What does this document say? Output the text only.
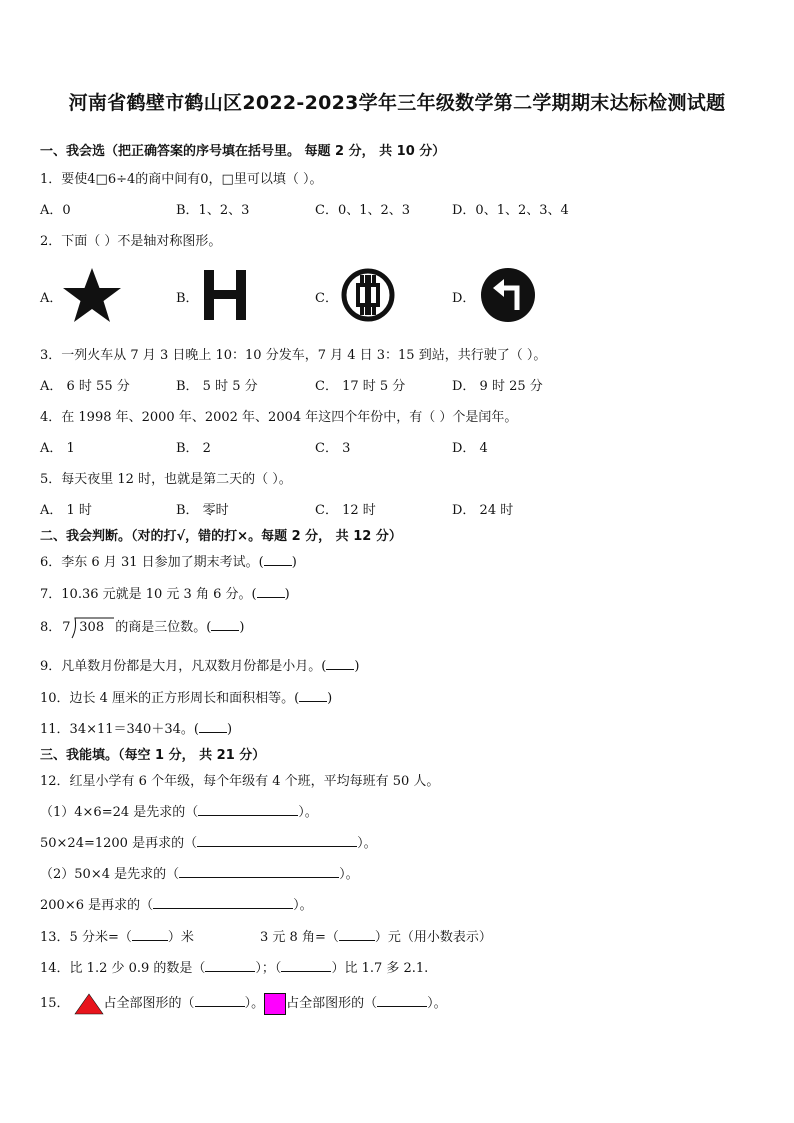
河南省鹤壁市鹤山区2022-2023学年三年级数学第二学期期末达标检测试题
一、我会选（把正确答案的序号填在括号里。 每题 2 分， 共 10 分）
1．要使4□6÷4的商中间有0，□里可以填（ ）。
A．0	B．1、2、3	C．0、1、2、3	D．0、1、2、3、4
2．下面（ ）不是轴对称图形。
A．	B．	C．	D．
3．一列火车从 7 月 3 日晚上 10：10 分发车，7 月 4 日 3：15 到站，共行驶了（ ）。
A． 6 时 55 分	B． 5 时 5 分	C． 17 时 5 分	D． 9 时 25 分
4．在 1998 年、2000 年、2002 年、2004 年这四个年份中，有（ ）个是闰年。
A． 1	B． 2	C． 3	D． 4
5．每天夜里 12 时，也就是第二天的（ ）。
A． 1 时	B． 零时	C． 12 时	D． 24 时
二、我会判断。（对的打√，错的打×。每题 2 分， 共 12 分）
6．李东 6 月 31 日参加了期末考试。( )
7．10.36 元就是 10 元 3 角 6 分。( )
8． 7 308 的商是三位数。( )
9．凡单数月份都是大月，凡双数月份都是小月。( )
10．边长 4 厘米的正方形周长和面积相等。( )
11．34×11＝340＋34。( )
三、我能填。（每空 1 分， 共 21 分）
12．红星小学有 6 个年级，每个年级有 4 个班，平均每班有 50 人。
（1）4×6=24 是先求的（	）。
50×24=1200 是再求的（	）。
（2）50×4 是先求的（	）。
200×6 是再求的（	）。
13．5 分米=（	）米	3 元 8 角=（	）元（用小数表示）
14．比 1.2 少 0.9 的数是（	）；（	）比 1.7 多 2.1.
15．	占全部图形的（	）。 占全部图形的（	）。
